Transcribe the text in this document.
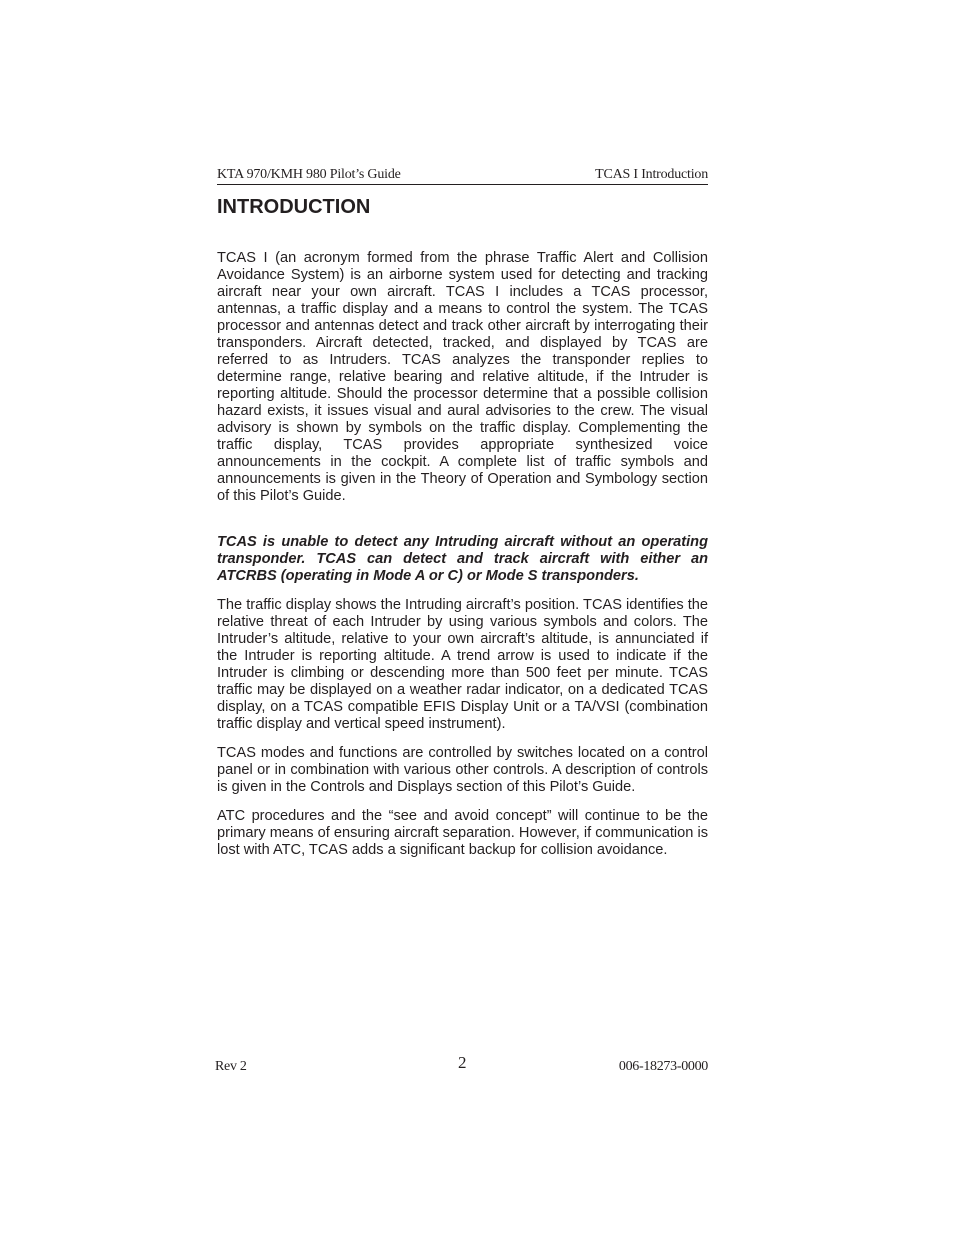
KTA 970/KMH 980 Pilot’s Guide	TCAS I Introduction
INTRODUCTION

TCAS I (an acronym formed from the phrase Traffic Alert and Collision Avoidance System) is an airborne system used for detecting and tracking aircraft near your own aircraft. TCAS I includes a TCAS processor, antennas, a traffic display and a means to control the system. The TCAS processor and antennas detect and track other aircraft by interrogating their transponders. Aircraft detected, tracked, and displayed by TCAS are referred to as Intruders. TCAS analyzes the transponder replies to determine range, relative bearing and relative altitude, if the Intruder is reporting altitude. Should the processor determine that a possible collision hazard exists, it issues visual and aural advisories to the crew. The visual advisory is shown by symbols on the traffic display. Complementing the traffic display, TCAS provides appropriate synthesized voice announcements in the cockpit. A complete list of traffic symbols and announcements is given in the Theory of Operation and Symbology section of this Pilot’s Guide.

TCAS is unable to detect any Intruding aircraft without an operating transponder. TCAS can detect and track aircraft with either an ATCRBS (operating in Mode A or C) or Mode S transponders.

The traffic display shows the Intruding aircraft’s position. TCAS identifies the relative threat of each Intruder by using various symbols and colors. The Intruder’s altitude, relative to your own aircraft’s altitude, is annunciated if the Intruder is reporting altitude. A trend arrow is used to indicate if the Intruder is climbing or descending more than 500 feet per minute. TCAS traffic may be displayed on a weather radar indicator, on a dedicated TCAS display, on a TCAS compatible EFIS Display Unit or a TA/VSI (combination traffic display and vertical speed instrument).

TCAS modes and functions are controlled by switches located on a control panel or in combination with various other controls. A description of controls is given in the Controls and Displays section of this Pilot’s Guide.

ATC procedures and the “see and avoid concept” will continue to be the primary means of ensuring aircraft separation. However, if communication is lost with ATC, TCAS adds a significant backup for collision avoidance.

Rev 2	2	006-18273-0000
